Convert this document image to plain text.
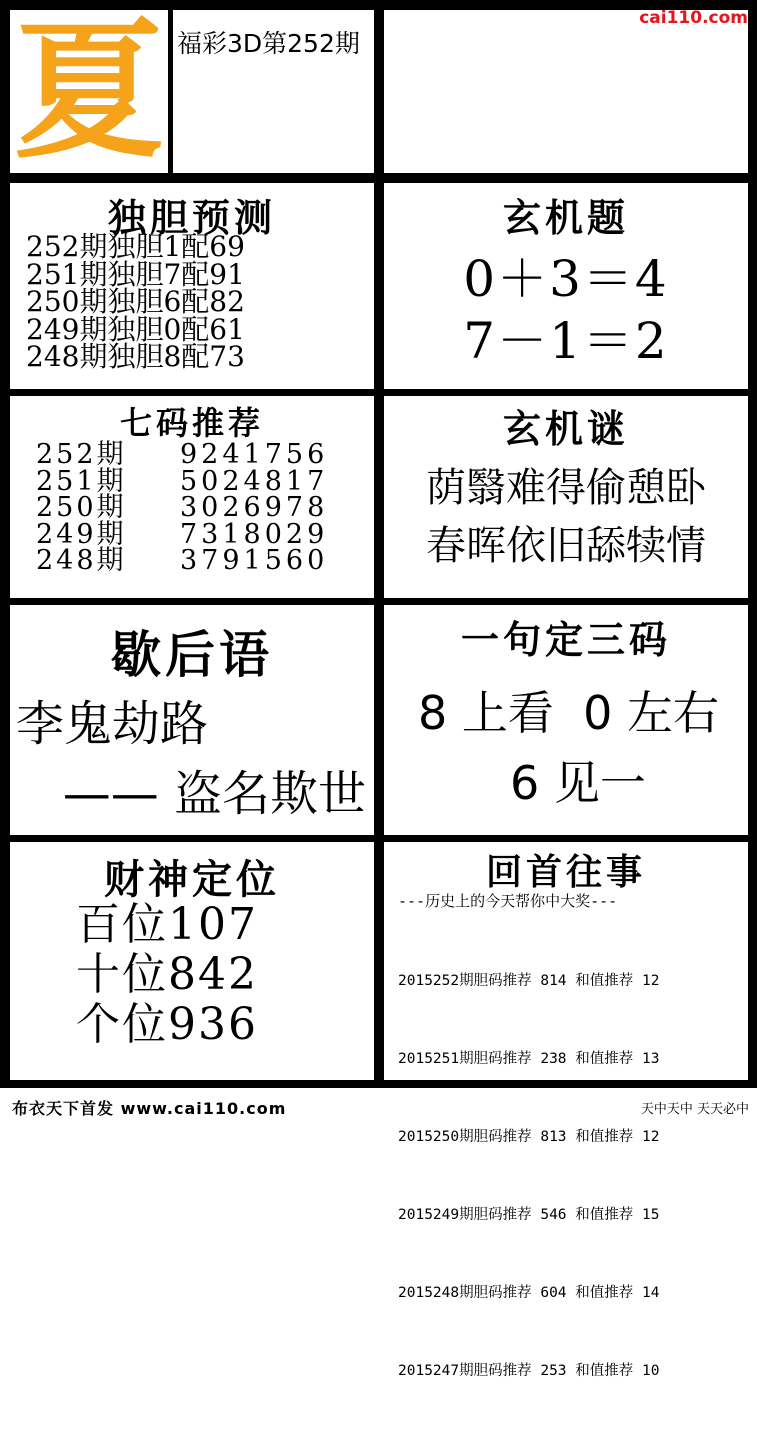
夏 福彩3D第252期
cai110.com
独胆预测
252期独胆1配69
251期独胆7配91
250期独胆6配82
249期独胆0配61
248期独胆8配73
玄机题
0＋3＝4
7－1＝2
七码推荐
252期 9241756
251期 5024817
250期 3026978
249期 7318029
248期 3791560
玄机谜
荫翳难得偷憩卧
春晖依旧舔犊情
歇后语
李鬼劫路
—— 盗名欺世
一句定三码
8 上看  0 左右
6 见一
财神定位
百位107
十位842
个位936
回首往事
---历史上的今天帮你中大奖---

2015252期胆码推荐 814 和值推荐 12

2015251期胆码推荐 238 和值推荐 13

2015250期胆码推荐 813 和值推荐 12

2015249期胆码推荐 546 和值推荐 15

2015248期胆码推荐 604 和值推荐 14

2015247期胆码推荐 253 和值推荐 10

布衣天下首发 www.cai110.com	天中天中 天天必中
